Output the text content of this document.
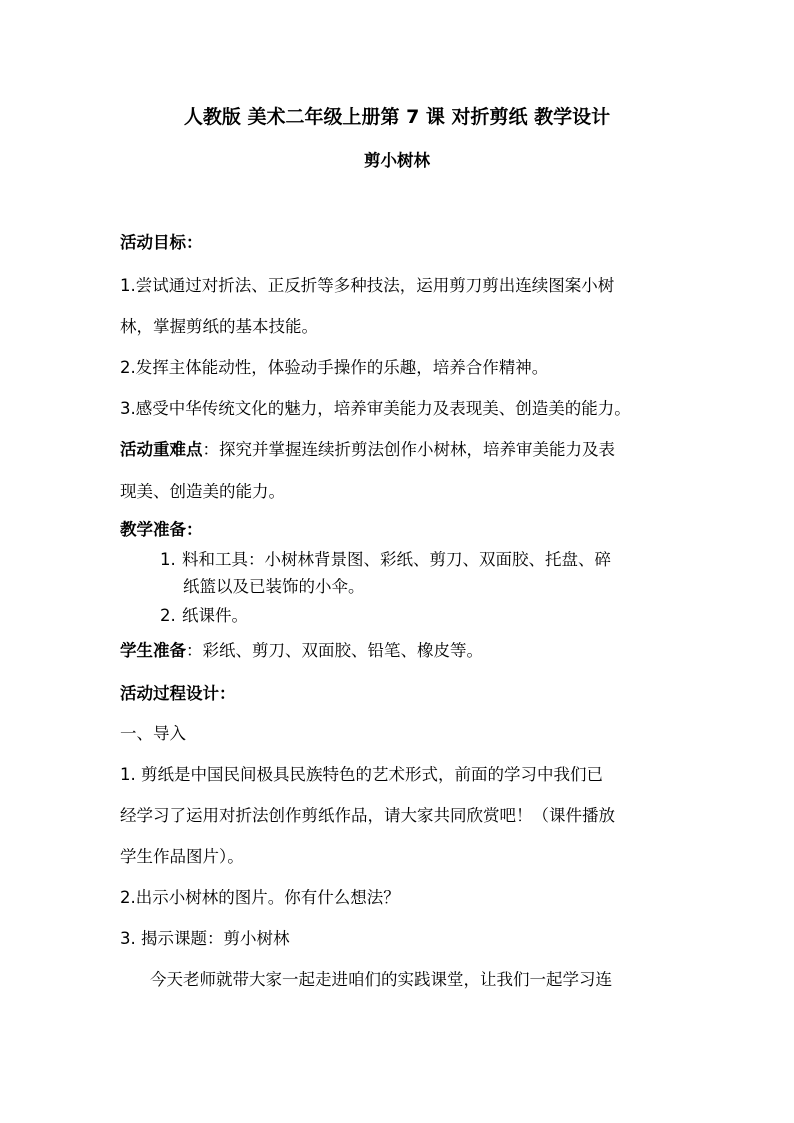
人教版 美术二年级上册第 7 课 对折剪纸 教学设计
剪小树林
活动目标：
1.尝试通过对折法、正反折等多种技法，运用剪刀剪出连续图案小树
林，掌握剪纸的基本技能。
2.发挥主体能动性，体验动手操作的乐趣，培养合作精神。
3.感受中华传统文化的魅力，培养审美能力及表现美、创造美的能力。
活动重难点：探究并掌握连续折剪法创作小树林，培养审美能力及表
现美、创造美的能力。
教学准备：
1. 料和工具：小树林背景图、彩纸、剪刀、双面胶、托盘、碎
纸篮以及已装饰的小伞。
2. 纸课件。
学生准备：彩纸、剪刀、双面胶、铅笔、橡皮等。
活动过程设计：
一、导入
1. 剪纸是中国民间极具民族特色的艺术形式，前面的学习中我们已
经学习了运用对折法创作剪纸作品，请大家共同欣赏吧！（课件播放
学生作品图片）。
2.出示小树林的图片。你有什么想法？
3. 揭示课题：剪小树林
今天老师就带大家一起走进咱们的实践课堂，让我们一起学习连
